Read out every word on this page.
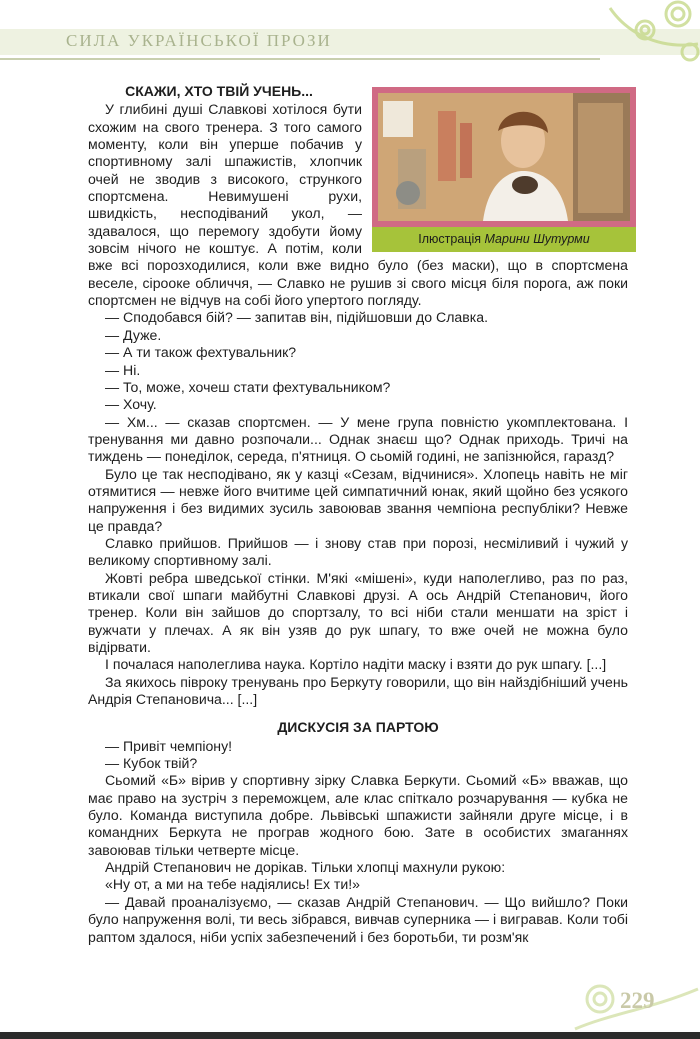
СИЛА УКРАЇНСЬКОЇ ПРОЗИ
Ілюстрація Марини Шутурми

СКАЖИ, ХТО ТВІЙ УЧЕНЬ...

У глибині душі Славкові хотілося бути схожим на свого тренера. З того самого моменту, коли він уперше побачив у спортивному залі шпажистів, хлопчик очей не зводив з високого, стрункого спортсмена. Невимушені рухи, швидкість, несподіваний укол, — здавалося, що перемогу здобути йому зовсім нічого не коштує. А потім, коли вже всі порозходилися, коли вже видно було (без маски), що в спортсмена веселе, сірооке обличчя, — Славко не рушив зі свого місця біля порога, аж поки спортсмен не відчув на собі його упертого погляду.

— Сподобався бій? — запитав він, підійшовши до Славка.

— Дуже.

— А ти також фехтувальник?

— Ні.

— То, може, хочеш стати фехтувальником?

— Хочу.

— Хм... — сказав спортсмен. — У мене група повністю укомплектована. І тренування ми давно розпочали... Однак знаєш що? Однак приходь. Тричі на тиждень — понеділок, середа, п'ятниця. О сьомій годині, не запізнюйся, гаразд?

Було це так несподівано, як у казці «Сезам, відчинися». Хлопець навіть не міг отямитися — невже його вчитиме цей симпатичний юнак, який щойно без усякого напруження і без видимих зусиль завоював звання чемпіона республіки? Невже це правда?

Славко прийшов. Прийшов — і знову став при порозі, несміливий і чужий у великому спортивному залі.

Жовті ребра шведської стінки. М'які «мішені», куди наполегливо, раз по раз, втикали свої шпаги майбутні Славкові друзі. А ось Андрій Степанович, його тренер. Коли він зайшов до спортзалу, то всі ніби стали меншати на зріст і вужчати у плечах. А як він узяв до рук шпагу, то вже очей не можна було відірвати.

І почалася наполеглива наука. Кортіло надіти маску і взяти до рук шпагу. [...]

За якихось півроку тренувань про Беркуту говорили, що він найздібніший учень Андрія Степановича... [...]

ДИСКУСІЯ ЗА ПАРТОЮ

— Привіт чемпіону!

— Кубок твій?

Сьомий «Б» вірив у спортивну зірку Славка Беркути. Сьомий «Б» вважав, що має право на зустріч з переможцем, але клас спіткало розчарування — кубка не було. Команда виступила добре. Львівські шпажисти зайняли друге місце, і в командних Беркута не програв жодного бою. Зате в особистих змаганнях завоював тільки четверте місце.

Андрій Степанович не дорікав. Тільки хлопці махнули рукою:

«Ну от, а ми на тебе надіялись! Ех ти!»

— Давай проаналізуємо, — сказав Андрій Степанович. — Що вийшло? Поки було напруження волі, ти весь зібрався, вивчав суперника — і вигравав. Коли тобі раптом здалося, ніби успіх забезпечений і без боротьби, ти розм'як

229
